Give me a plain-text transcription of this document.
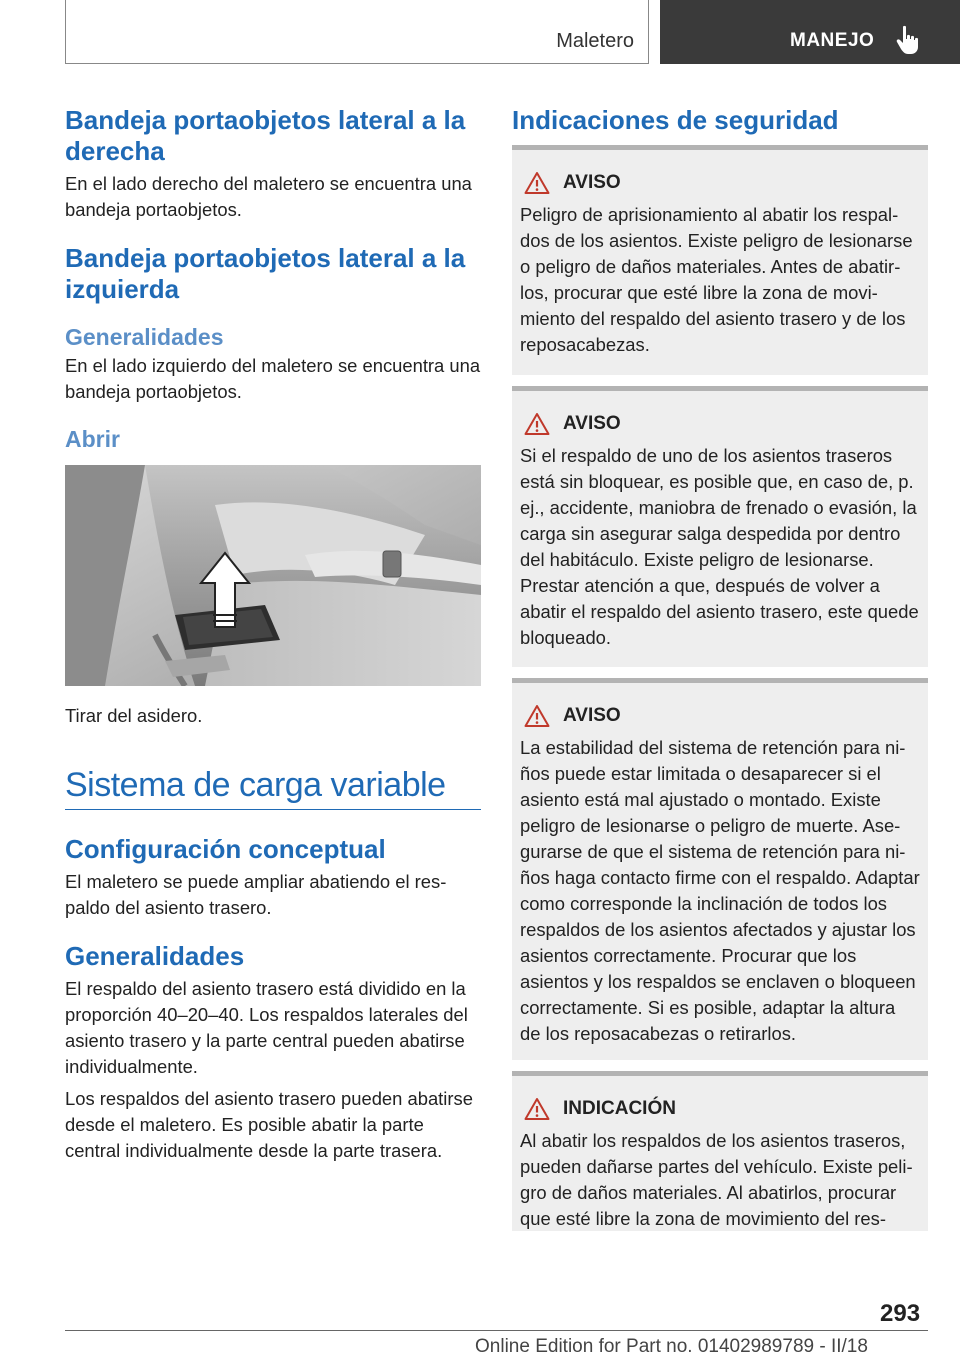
Maletero	MANEJO
Bandeja portaobjetos lateral a la derecha
En el lado derecho del maletero se encuentra una bandeja portaobjetos.
Bandeja portaobjetos lateral a la izquierda
Generalidades
En el lado izquierdo del maletero se encuentra una bandeja portaobjetos.
Abrir
Tirar del asidero.
Sistema de carga variable
Configuración conceptual
El maletero se puede ampliar abatiendo el respaldo del asiento trasero.
Generalidades
El respaldo del asiento trasero está dividido en la proporción 40–20–40. Los respaldos laterales del asiento trasero y la parte central pueden abatirse individualmente.
Los respaldos del asiento trasero pueden abatirse desde el maletero. Es posible abatir la parte central individualmente desde la parte trasera.
Indicaciones de seguridad
AVISO
Peligro de aprisionamiento al abatir los respaldos de los asientos. Existe peligro de lesionarse o peligro de daños materiales. Antes de abatirlos, procurar que esté libre la zona de movimiento del respaldo del asiento trasero y de los reposacabezas.
AVISO
Si el respaldo de uno de los asientos traseros está sin bloquear, es posible que, en caso de, p. ej., accidente, maniobra de frenado o evasión, la carga sin asegurar salga despedida por dentro del habitáculo. Existe peligro de lesionarse. Prestar atención a que, después de volver a abatir el respaldo del asiento trasero, este quede bloqueado.
AVISO
La estabilidad del sistema de retención para niños puede estar limitada o desaparecer si el asiento está mal ajustado o montado. Existe peligro de lesionarse o peligro de muerte. Asegurarse de que el sistema de retención para niños haga contacto firme con el respaldo. Adaptar como corresponde la inclinación de todos los respaldos de los asientos afectados y ajustar los asientos correctamente. Procurar que los asientos y los respaldos se enclaven o bloqueen correctamente. Si es posible, adaptar la altura de los reposacabezas o retirarlos.
INDICACIÓN
Al abatir los respaldos de los asientos traseros, pueden dañarse partes del vehículo. Existe peligro de daños materiales. Al abatirlos, procurar que esté libre la zona de movimiento del res-
293
Online Edition for Part no. 01402989789 - II/18
